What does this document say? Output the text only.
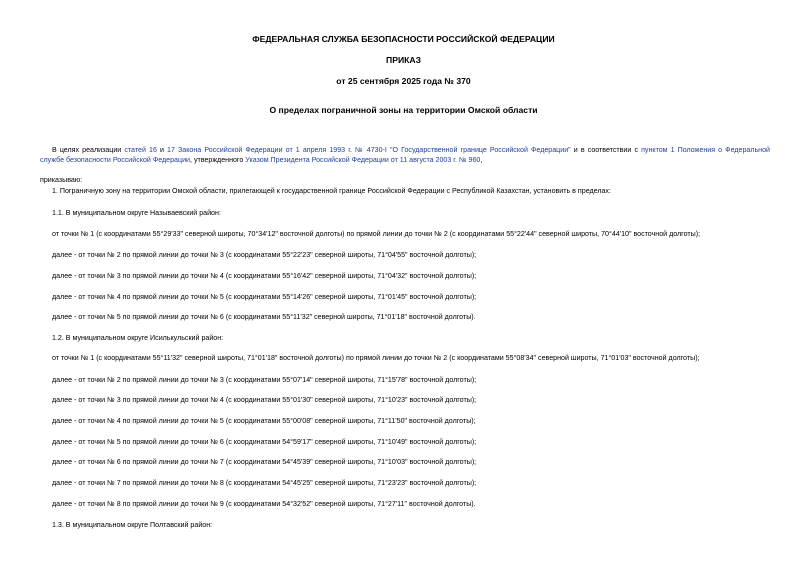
ФЕДЕРАЛЬНАЯ СЛУЖБА БЕЗОПАСНОСТИ РОССИЙСКОЙ ФЕДЕРАЦИИ
ПРИКАЗ
от 25 сентября 2025 года № 370
О пределах пограничной зоны на территории Омской области
В целях реализации статей 16 и 17 Закона Российской Федерации от 1 апреля 1993 г. № 4730-I "О Государственной границе Российской Федерации" и в соответствии с пунктом 1 Положения о Федеральной
службе безопасности Российской Федерации, утвержденного Указом Президента Российской Федерации от 11 августа 2003 г. № 960,
приказываю:
1. Пограничную зону на территории Омской области, прилегающей к государственной границе Российской Федерации с Республикой Казахстан, установить в пределах:
1.1. В муниципальном округе Называевский район:
от точки № 1 (с координатами 55°29'33" северной широты, 70°34'12" восточной долготы) по прямой линии до точки № 2 (с координатами 55°22'44" северной широты, 70°44'10" восточной долготы);
далее - от точки № 2 по прямой линии до точки № 3 (с координатами 55°22'23" северной широты, 71°04'55" восточной долготы);
далее - от точки № 3 по прямой линии до точки № 4 (с координатами 55°16'42" северной широты, 71°04'32" восточной долготы);
далее - от точки № 4 по прямой линии до точки № 5 (с координатами 55°14'26" северной широты, 71°01'45" восточной долготы);
далее - от точки № 5 по прямой линии до точки № 6 (с координатами 55°11'32" северной широты, 71°01'18" восточной долготы).
1.2. В муниципальном округе Исилькульский район:
от точки № 1 (с координатами 55°11'32" северной широты, 71°01'18" восточной долготы) по прямой линии до точки № 2 (с координатами 55°08'34" северной широты, 71°01'03" восточной долготы);
далее - от точки № 2 по прямой линии до точки № 3 (с координатами 55°07'14" северной широты, 71°15'78" восточной долготы);
далее - от точки № 3 по прямой линии до точки № 4 (с координатами 55°01'30" северной широты, 71°10'23" восточной долготы);
далее - от точки № 4 по прямой линии до точки № 5 (с координатами 55°00'08" северной широты, 71°11'50" восточной долготы);
далее - от точки № 5 по прямой линии до точки № 6 (с координатами 54°59'17" северной широты, 71°10'49" восточной долготы);
далее - от точки № 6 по прямой линии до точки № 7 (с координатами 54°45'39" северной широты, 71°10'03" восточной долготы);
далее - от точки № 7 по прямой линии до точки № 8 (с координатами 54°45'25" северной широты, 71°23'23" восточной долготы);
далее - от точки № 8 по прямой линии до точки № 9 (с координатами 54°32'52" северной широты, 71°27'11" восточной долготы).
1.3. В муниципальном округе Полтавский район:
